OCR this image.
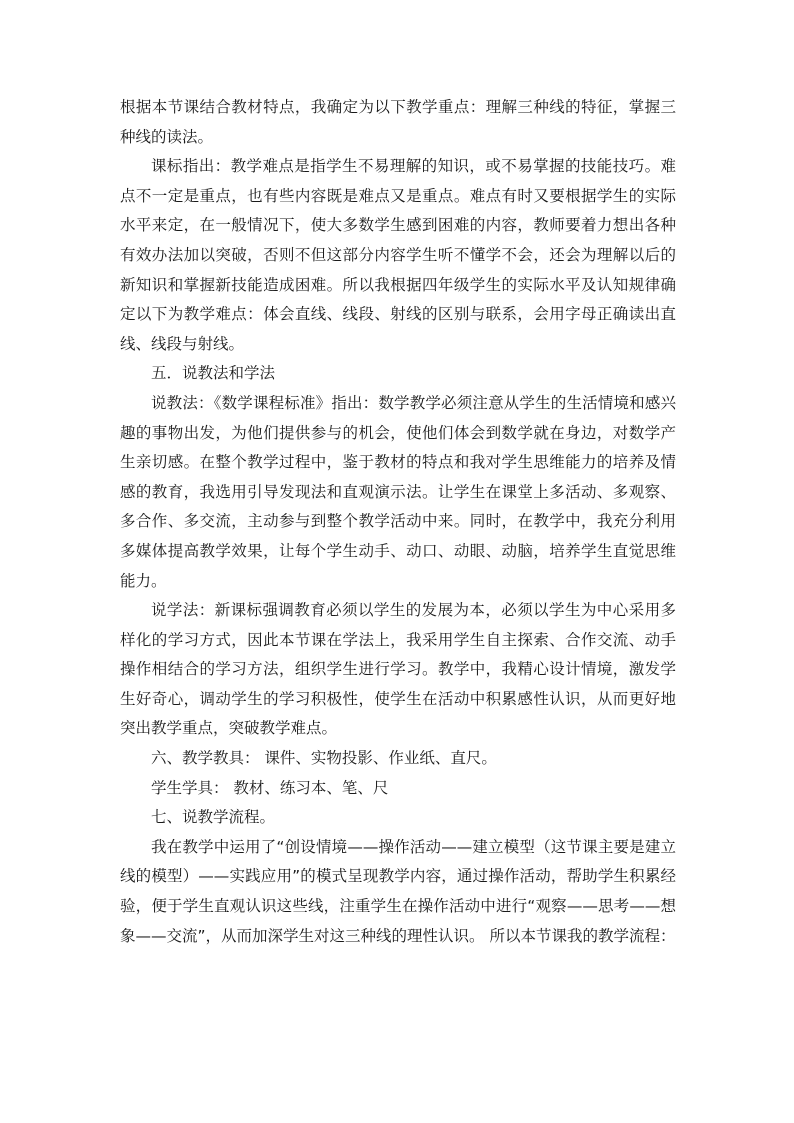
根据本节课结合教材特点，我确定为以下教学重点：理解三种线的特征，掌握三种线的读法。

课标指出：教学难点是指学生不易理解的知识，或不易掌握的技能技巧。难点不一定是重点，也有些内容既是难点又是重点。难点有时又要根据学生的实际水平来定，在一般情况下，使大多数学生感到困难的内容，教师要着力想出各种有效办法加以突破，否则不但这部分内容学生听不懂学不会，还会为理解以后的新知识和掌握新技能造成困难。所以我根据四年级学生的实际水平及认知规律确定以下为教学难点：体会直线、线段、射线的区别与联系，会用字母正确读出直线、线段与射线。

五．说教法和学法

说教法：《数学课程标准》指出：数学教学必须注意从学生的生活情境和感兴趣的事物出发，为他们提供参与的机会，使他们体会到数学就在身边，对数学产生亲切感。在整个教学过程中，鉴于教材的特点和我对学生思维能力的培养及情感的教育，我选用引导发现法和直观演示法。让学生在课堂上多活动、多观察、多合作、多交流，主动参与到整个教学活动中来。同时，在教学中，我充分利用多媒体提高教学效果，让每个学生动手、动口、动眼、动脑，培养学生直觉思维能力。

说学法：新课标强调教育必须以学生的发展为本，必须以学生为中心采用多样化的学习方式，因此本节课在学法上，我采用学生自主探索、合作交流、动手操作相结合的学习方法，组织学生进行学习。教学中，我精心设计情境，激发学生好奇心，调动学生的学习积极性，使学生在活动中积累感性认识，从而更好地突出教学重点，突破教学难点。

六、教学教具： 课件、实物投影、作业纸、直尺。

学生学具： 教材、练习本、笔、尺

七、说教学流程。

我在教学中运用了“创设情境——操作活动——建立模型（这节课主要是建立线的模型）——实践应用”的模式呈现教学内容，通过操作活动，帮助学生积累经验，便于学生直观认识这些线，注重学生在操作活动中进行“观察——思考——想象——交流”，从而加深学生对这三种线的理性认识。 所以本节课我的教学流程：
